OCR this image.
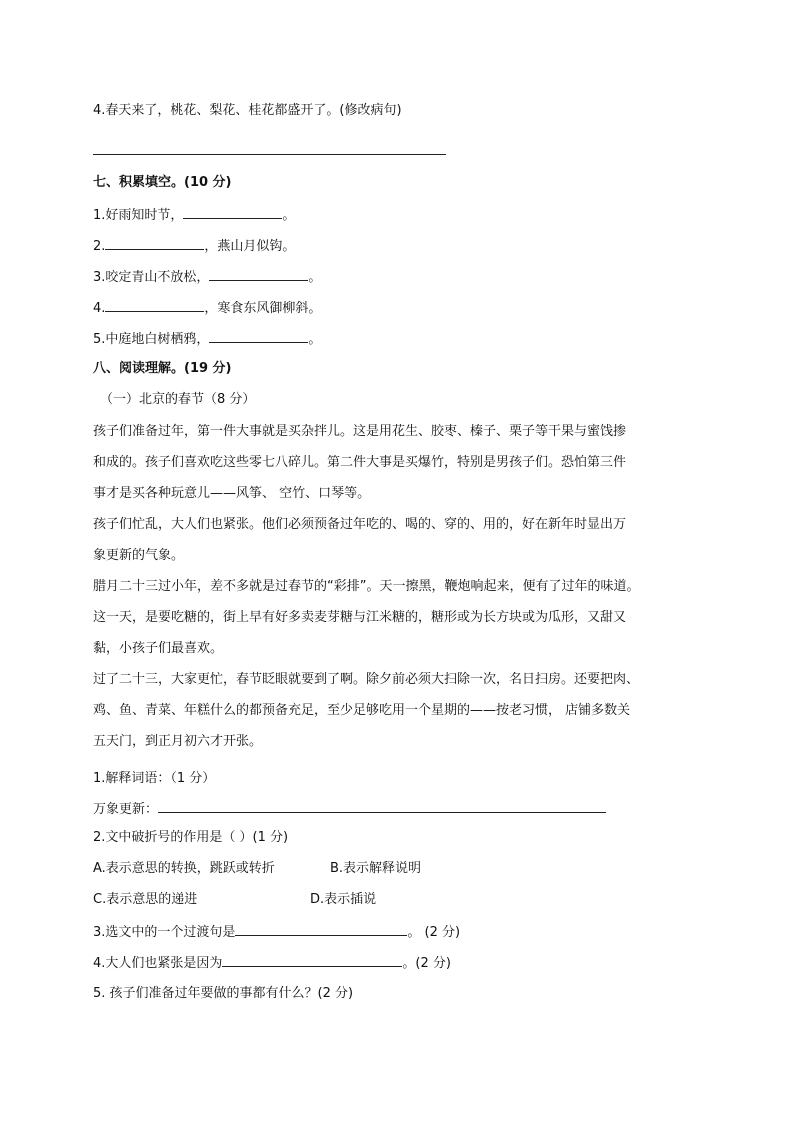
4.春天来了，桃花、梨花、桂花都盛开了。(修改病句)
七、积累填空。(10 分)
1.好雨知时节，	。
2.	，燕山月似钩。
3.咬定青山不放松，	。
4.	，寒食东风御柳斜。
5.中庭地白树栖鸦，	。
八、阅读理解。(19 分)
（一）北京的春节（8 分）
孩子们准备过年，第一件大事就是买杂拌儿。这是用花生、胶枣、榛子、栗子等干果与蜜饯掺
和成的。孩子们喜欢吃这些零七八碎儿。第二件大事是买爆竹，特别是男孩子们。恐怕第三件
事才是买各种玩意儿——风筝、 空竹、口琴等。
孩子们忙乱，大人们也紧张。他们必须预备过年吃的、喝的、穿的、用的，好在新年时显出万
象更新的气象。
腊月二十三过小年，差不多就是过春节的“彩排”。天一擦黑，鞭炮响起来，便有了过年的味道。
这一天，是要吃糖的，街上早有好多卖麦芽糖与江米糖的，糖形或为长方块或为瓜形，又甜又
黏，小孩子们最喜欢。
过了二十三，大家更忙，春节眨眼就要到了啊。除夕前必须大扫除一次，名日扫房。还要把肉、
鸡、鱼、青菜、年糕什么的都预备充足，至少足够吃用一个星期的——按老习惯， 店铺多数关
五天门，到正月初六才开张。
1.解释词语：（1 分）
万象更新：
2.文中破折号的作用是（ ）(1 分)
A.表示意思的转换，跳跃或转折	B.表示解释说明
C.表示意思的递进	D.表示插说
3.选文中的一个过渡句是	。 (2 分)
4.大人们也紧张是因为	。(2 分)
5. 孩子们准备过年要做的事都有什么？(2 分)
